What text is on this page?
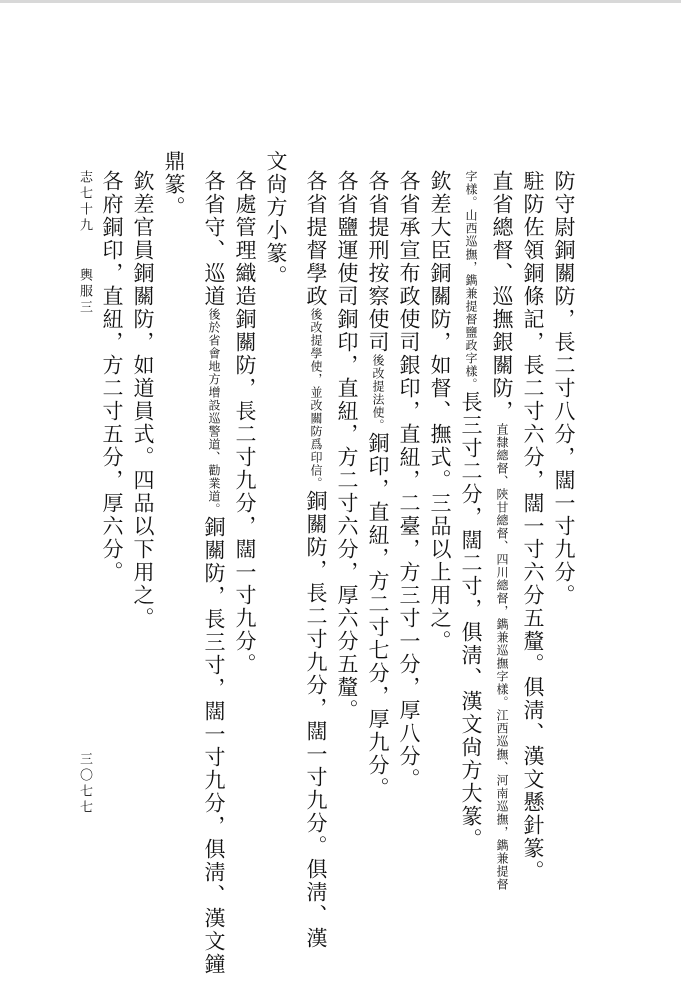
防守尉銅關防，長二寸八分，闊一寸九分。
駐防佐領銅條記，長二寸六分，闊一寸六分五釐。俱淸、漢文懸針篆。
直省總督、巡撫銀關防，直隸總督、陝甘總督、四川總督，鐫兼巡撫字樣。江西巡撫、河南巡撫，鐫兼提督
字樣。山西巡撫，鐫兼提督鹽政字樣。長三寸二分，闊二寸，俱淸、漢文尙方大篆。
欽差大臣銅關防，如督、撫式。三品以上用之。
各省承宣布政使司銀印，直紐，二臺，方三寸一分，厚八分。
各省提刑按察使司後改提法使。銅印，直紐，方二寸七分，厚九分。
各省鹽運使司銅印，直紐，方二寸六分，厚六分五釐。
各省提督學政後改提學使，並改關防爲印信。銅關防，長二寸九分，闊一寸九分。俱淸、漢
文尙方小篆。
各處管理織造銅關防，長二寸九分，闊一寸九分。
各省守、巡道後於省會地方增設巡警道、勸業道。銅關防，長三寸，闊一寸九分，俱淸、漢文鐘
鼎篆。
欽差官員銅關防，如道員式。四品以下用之。
各府銅印，直紐，方二寸五分，厚六分。
志七十九輿服三
三〇七七
